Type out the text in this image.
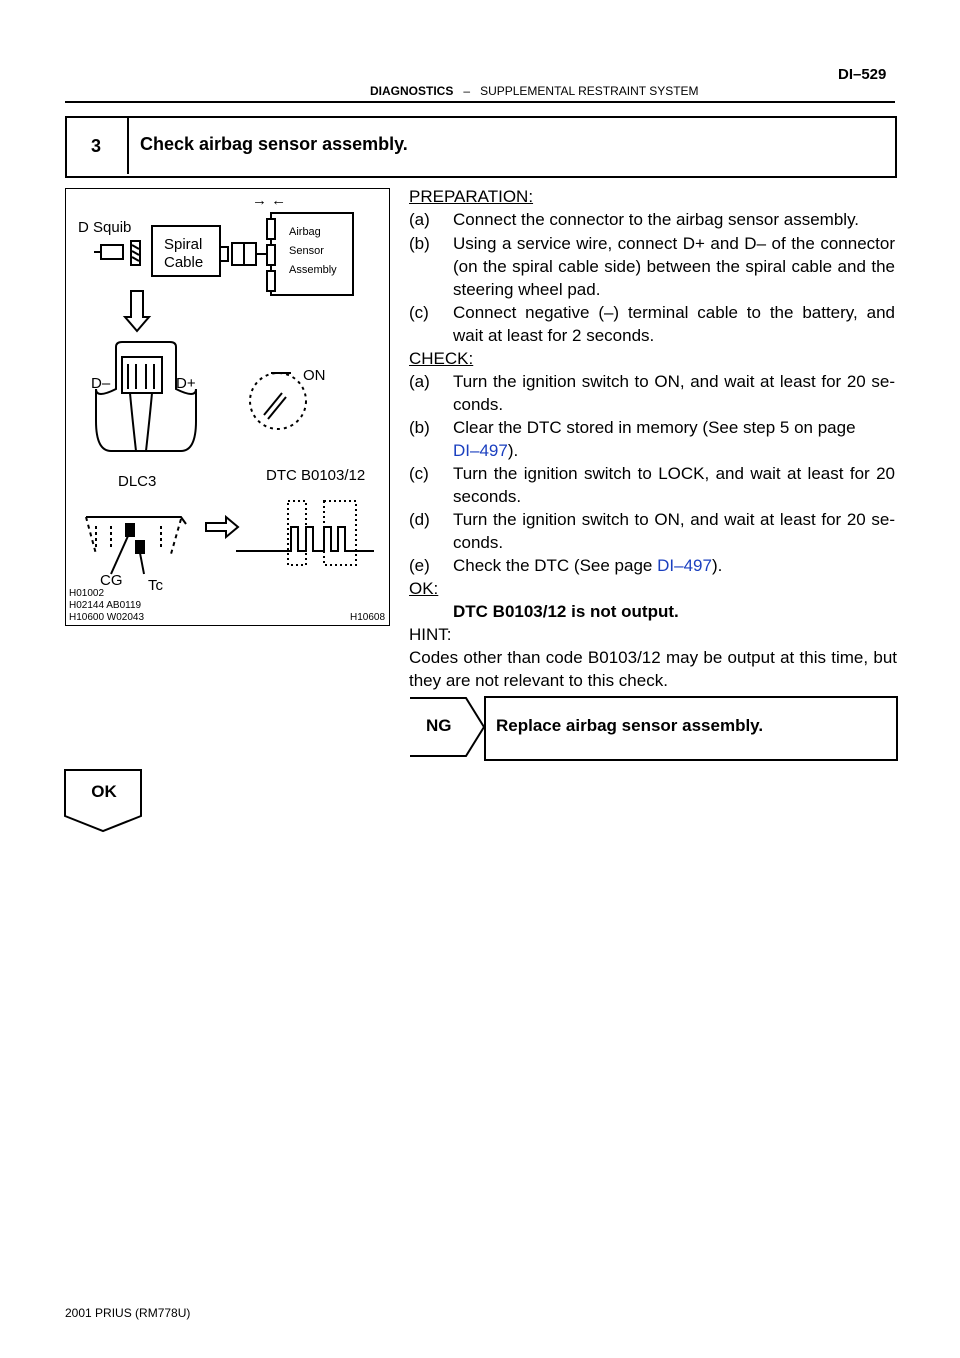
DI–529
DIAGNOSTICS – SUPPLEMENTAL RESTRAINT SYSTEM
3	Check airbag sensor assembly.
D Squib
Spiral
Cable
Airbag
Sensor
Assembly
→ ←
D–	D+	ON
DLC3	DTC B0103/12
CG Tc
H01002
H02144 AB0119
H10600 W02043	H10608
PREPARATION:
(a) Connect the connector to the airbag sensor assembly.
(b) Using a service wire, connect D+ and D– of the connector (on the spiral cable side) between the spiral cable and the steering wheel pad.
(c) Connect negative (–) terminal cable to the battery, and wait at least for 2 seconds.
CHECK:
(a) Turn the ignition switch to ON, and wait at least for 20 se- conds.
(b) Clear the DTC stored in memory (See step 5 on page
DI–497).
(c) Turn the ignition switch to LOCK, and wait at least for 20 seconds.
(d) Turn the ignition switch to ON, and wait at least for 20 se- conds.
(e) Check the DTC (See page DI–497).
OK:
DTC B0103/12 is not output.
HINT:
Codes other than code B0103/12 may be output at this time, but they are not relevant to this check.
NG	Replace airbag sensor assembly.
OK
2001 PRIUS (RM778U)
